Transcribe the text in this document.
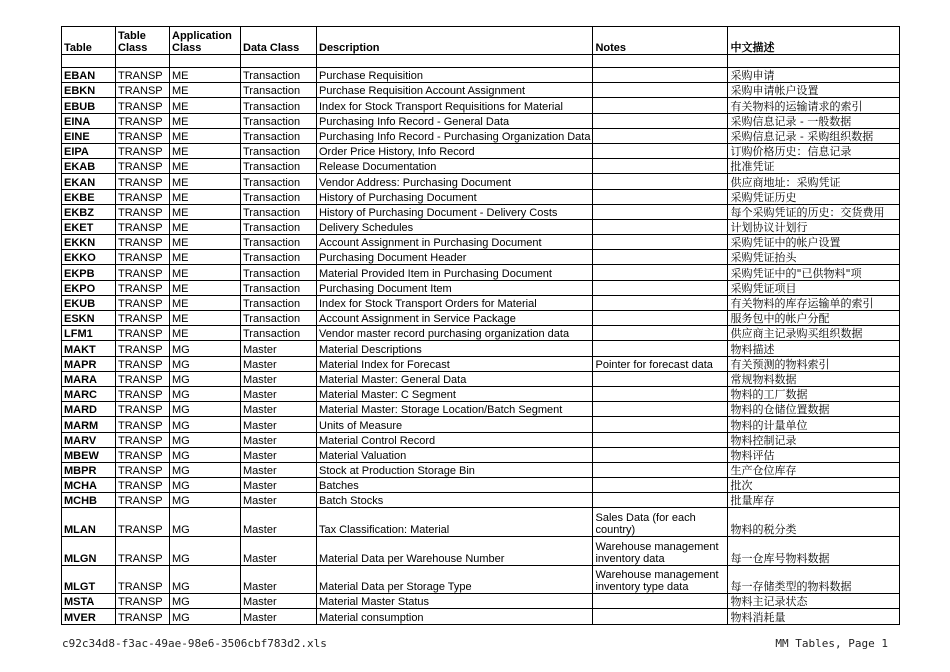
Table	Table Class	Application Class	Data Class	Description	Notes	中文描述

EBAN	TRANSP	ME	Transaction	Purchase Requisition		采购申请
EBKN	TRANSP	ME	Transaction	Purchase Requisition Account Assignment		采购申请帐户设置
EBUB	TRANSP	ME	Transaction	Index for Stock Transport Requisitions for Material		有关物料的运输请求的索引
EINA	TRANSP	ME	Transaction	Purchasing Info Record - General Data		采购信息记录 - 一般数据
EINE	TRANSP	ME	Transaction	Purchasing Info Record - Purchasing Organization Data		采购信息记录 - 采购组织数据
EIPA	TRANSP	ME	Transaction	Order Price History, Info Record		订购价格历史：信息记录
EKAB	TRANSP	ME	Transaction	Release Documentation		批准凭证
EKAN	TRANSP	ME	Transaction	Vendor Address: Purchasing Document		供应商地址：采购凭证
EKBE	TRANSP	ME	Transaction	History of Purchasing Document		采购凭证历史
EKBZ	TRANSP	ME	Transaction	History of Purchasing Document - Delivery Costs		每个采购凭证的历史：交货费用
EKET	TRANSP	ME	Transaction	Delivery Schedules		计划协议计划行
EKKN	TRANSP	ME	Transaction	Account Assignment in Purchasing Document		采购凭证中的帐户设置
EKKO	TRANSP	ME	Transaction	Purchasing Document Header		采购凭证抬头
EKPB	TRANSP	ME	Transaction	Material Provided Item in Purchasing Document		采购凭证中的"已供物料"项
EKPO	TRANSP	ME	Transaction	Purchasing Document Item		采购凭证项目
EKUB	TRANSP	ME	Transaction	Index for Stock Transport Orders for Material		有关物料的库存运输单的索引
ESKN	TRANSP	ME	Transaction	Account Assignment in Service Package		服务包中的帐户分配
LFM1	TRANSP	ME	Transaction	Vendor master record purchasing organization data		供应商主记录购买组织数据
MAKT	TRANSP	MG	Master	Material Descriptions		物料描述
MAPR	TRANSP	MG	Master	Material Index for Forecast	Pointer for forecast data	有关预测的物料索引
MARA	TRANSP	MG	Master	Material Master: General Data		常规物料数据
MARC	TRANSP	MG	Master	Material Master: C Segment		物料的工厂数据
MARD	TRANSP	MG	Master	Material Master: Storage Location/Batch Segment		物料的仓储位置数据
MARM	TRANSP	MG	Master	Units of Measure		物料的计量单位
MARV	TRANSP	MG	Master	Material Control Record		物料控制记录
MBEW	TRANSP	MG	Master	Material Valuation		物料评估
MBPR	TRANSP	MG	Master	Stock at Production Storage Bin		生产仓位库存
MCHA	TRANSP	MG	Master	Batches		批次
MCHB	TRANSP	MG	Master	Batch Stocks		批量库存
MLAN	TRANSP	MG	Master	Tax Classification: Material	Sales Data (for each country)	物料的税分类
MLGN	TRANSP	MG	Master	Material Data per Warehouse Number	Warehouse management inventory data	每一仓库号物料数据
MLGT	TRANSP	MG	Master	Material Data per Storage Type	Warehouse management inventory type data	每一存储类型的物料数据
MSTA	TRANSP	MG	Master	Material Master Status		物料主记录状态
MVER	TRANSP	MG	Master	Material consumption		物料消耗量
c92c34d8-f3ac-49ae-98e6-3506cbf783d2.xls	MM Tables, Page 1
